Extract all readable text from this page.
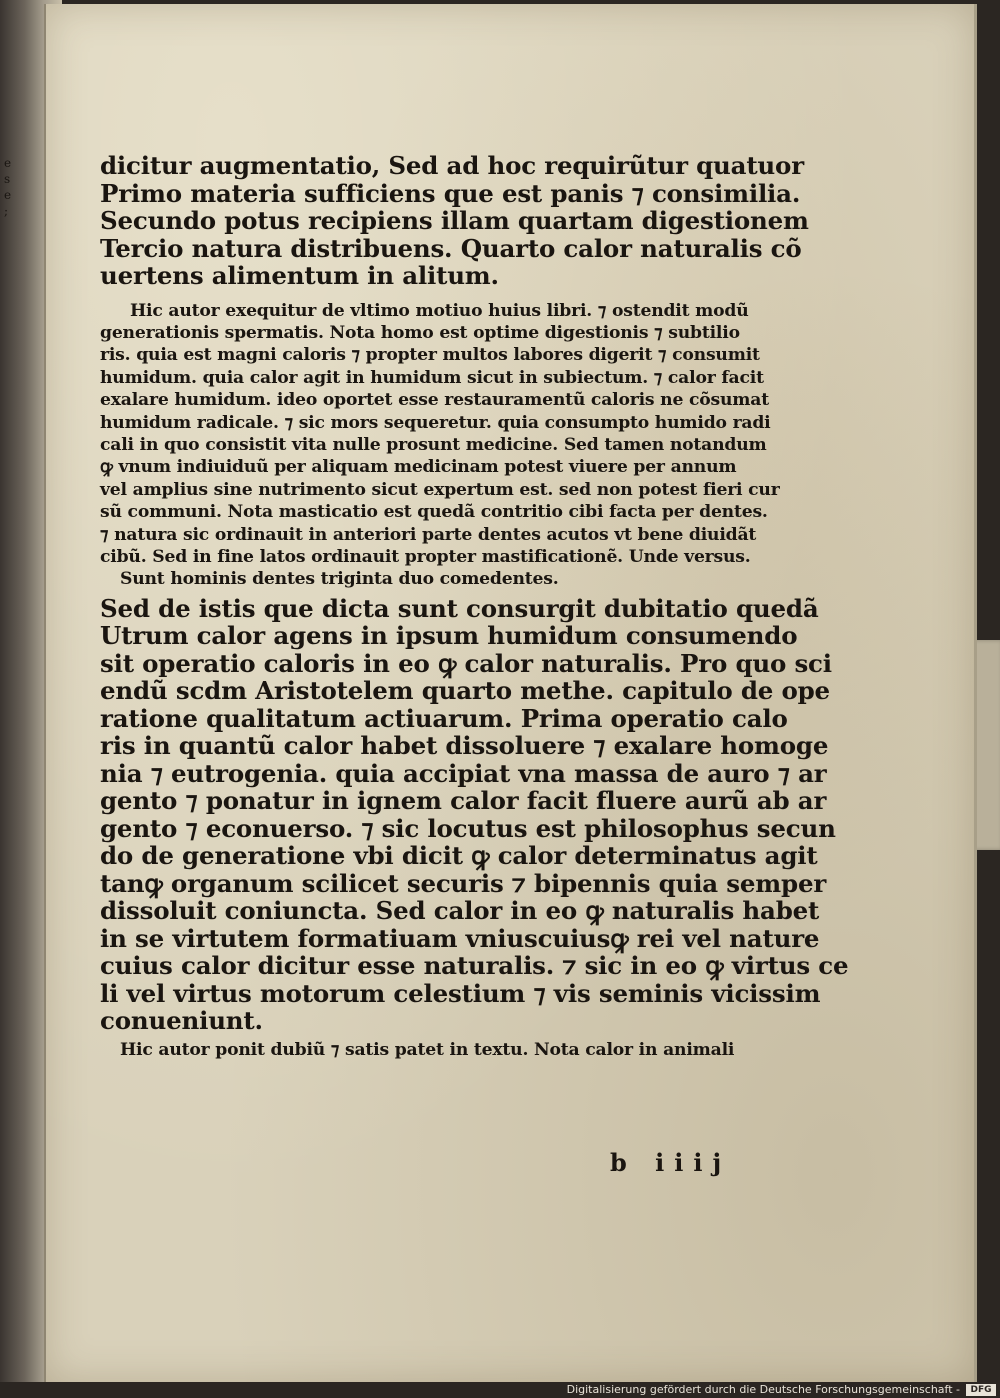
e s e ;
dicitur augmentatio, Sed ad hoc requirũtur quatuor
Primo materia sufficiens que est panis ⁊ consimilia.
Secundo potus recipiens illam quartam digestionem
Tercio natura distribuens. Quarto calor naturalis cõ
uertens alimentum in alitum.
Hic autor exequitur de vltimo motiuo huius libri. ⁊ ostendit modũ
generationis spermatis. Nota homo est optime digestionis ⁊ subtilio
ris. quia est magni caloris ⁊ propter multos labores digerit ⁊ consumit
humidum. quia calor agit in humidum sicut in subiectum. ⁊ calor facit
exalare humidum. ideo oportet esse restauramentũ caloris ne cõsumat
humidum radicale. ⁊ sic mors sequeretur. quia consumpto humido radi
cali in quo consistit vita nulle prosunt medicine. Sed tamen notandum
ꝙ vnum indiuiduũ per aliquam medicinam potest viuere per annum
vel amplius sine nutrimento sicut expertum est. sed non potest fieri cur
sũ communi. Nota masticatio est quedã contritio cibi facta per dentes.
⁊ natura sic ordinauit in anteriori parte dentes acutos vt bene diuidãt
cibũ. Sed in fine latos ordinauit propter mastificationẽ. Unde versus.
Sunt hominis dentes triginta duo comedentes.
Sed de istis que dicta sunt consurgit dubitatio quedã
Utrum calor agens in ipsum humidum consumendo
sit operatio caloris in eo ꝙ calor naturalis. Pro quo sci
endũ scdm Aristotelem quarto methe. capitulo de ope
ratione qualitatum actiuarum. Prima operatio calo
ris in quantũ calor habet dissoluere ⁊ exalare homoge
nia ⁊ eutrogenia. quia accipiat vna massa de auro ⁊ ar
gento ⁊ ponatur in ignem calor facit fluere aurũ ab ar
gento ⁊ econuerso. ⁊ sic locutus est philosophus secun
do de generatione vbi dicit ꝙ calor determinatus agit
tanꝙ organum scilicet securis ⁊ bipennis quia semper
dissoluit coniuncta. Sed calor in eo ꝙ naturalis habet
in se virtutem formatiuam vniuscuiusꝙ rei vel nature
cuius calor dicitur esse naturalis. ⁊ sic in eo ꝙ virtus ce
li vel virtus motorum celestium ⁊ vis seminis vicissim
conueniunt.
Hic autor ponit dubiũ ⁊ satis patet in textu. Nota calor in animali
b iiij
Digitalisierung gefördert durch die Deutsche Forschungsgemeinschaft -	DFG
